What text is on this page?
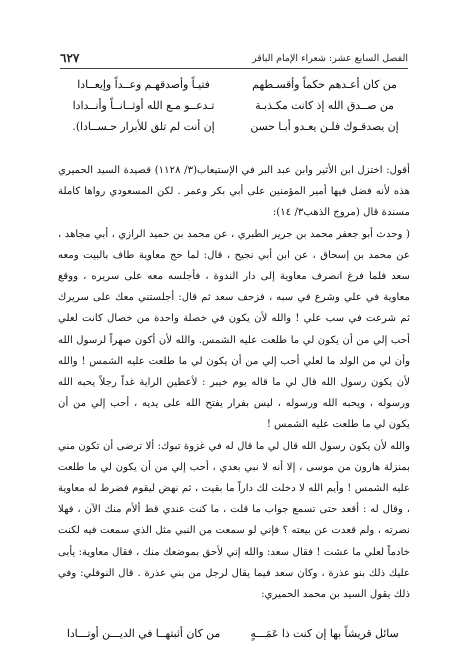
الفصل السابع عشر: شعراء الإمام الباقر
٦٢٧
من كان أعـدهم حكماً وأقسـطهم
فتيـاً وأصدقهـم وعــداً وإيعــادا
من صــدق الله إذ كانت مكـذبـة
تـدعــو مـع الله أوثــانــاً وأنــدادا
إن يصدقـوك فلـن يعـدو أبـا حسن
إن أنت لم تلق للأبرار حـســادا).

أقول: اختزل ابن الأثير وابن عبد البر في الإستيعاب(٣/ ١١٢٨) قصيدة السيد الحميري هذه لأنه فضل فيها أمير المؤمنين على أبي بكر وعمر . لكن المسعودي رواها كاملة مسندة قال (مروج الذهب٣/ ١٤):

( وحدث أبو جعفر محمد بن جرير الطبري ، عن محمد بن حميد الرازي ، أبي مجاهد ، عن محمد بن إسحاق ، عن ابن أبي نجيح ، قال: لما حج معاوية طاف بالبيت ومعه سعد فلما فرغ انصرف معاوية إلى دار الندوة ، فأجلسه معه على سريره ، ووقع معاوية في علي وشرع في سبه ، فزحف سعد ثم قال: أجلستني معك على سريرك ثم شرعت في سب علي ! والله لأن يكون في خصلة واحدة من خصال كانت لعلي أحب إلي من أن يكون لي ما طلعت عليه الشمس. والله لأن أكون صهراً لرسول الله وأن لي من الولد ما لعلي أحب إلي من أن يكون لي ما طلعت عليه الشمس ! والله لأن يكون رسول الله قال لي ما قاله يوم خيبر : لأعطين الراية غداً رجلاً يحبه الله ورسوله ، ويحبه الله ورسوله ، ليس بفرار يفتح الله على يديه ، أحب إلي من أن يكون لي ما طلعت عليه الشمس !

والله لأن يكون رسول الله قال لي ما قال له في غزوة تبوك: ألا ترضى أن تكون مني بمنزلة هارون من موسى ، إلا أنه لا نبي بعدي ، أحب إلي من أن يكون لي ما طلعت عليه الشمس ! وأيم الله لا دخلت لك داراً ما بقيت ، ثم نهض ليقوم فضرط له معاوية ، وقال له : أقعد حتى تسمع جواب ما قلت ، ما كنت عندي قط ألأم منك الآن ، فهلا نصرته ، ولم قعدت عن بيعته ؟ فإني لو سمعت من النبي مثل الذي سمعت فيه لكنت خادماً لعلي ما عشت ! فقال سعد: والله إني لأحق بموضعك منك ، فقال معاوية: يأبى عليك ذلك بنو عذرة ، وكان سعد فيما يقال لرجل من بني عذرة . قال النوفلي: وفي ذلك يقول السيد بن محمد الحميري:

سائل قريشاً بها إن كنت ذا عَمَـــهٍ
من كان أثبتهــا في الديـــن أوتـــادا
